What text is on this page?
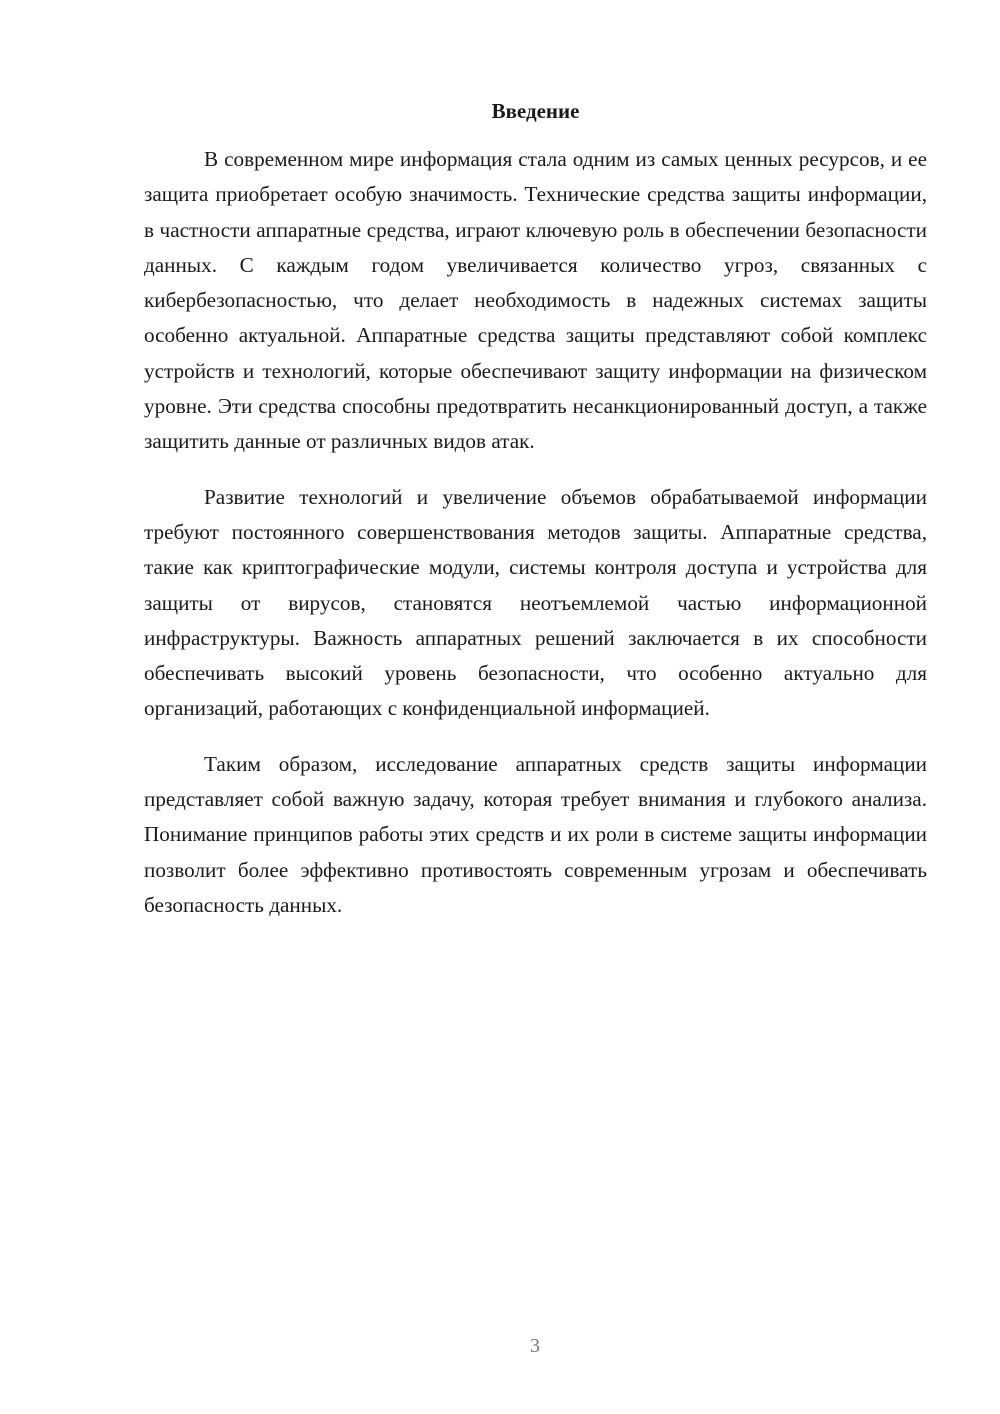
Введение

В современном мире информация стала одним из самых ценных ресурсов, и ее защита приобретает особую значимость. Технические средства защиты информации, в частности аппаратные средства, играют ключевую роль в обеспечении безопасности данных. С каждым годом увеличивается количество угроз, связанных с кибербезопасностью, что делает необходимость в надежных системах защиты особенно актуальной. Аппаратные средства защиты представляют собой комплекс устройств и технологий, которые обеспечивают защиту информации на физическом уровне. Эти средства способны предотвратить несанкционированный доступ, а также защитить данные от различных видов атак.

Развитие технологий и увеличение объемов обрабатываемой информации требуют постоянного совершенствования методов защиты. Аппаратные средства, такие как криптографические модули, системы контроля доступа и устройства для защиты от вирусов, становятся неотъемлемой частью информационной инфраструктуры. Важность аппаратных решений заключается в их способности обеспечивать высокий уровень безопасности, что особенно актуально для организаций, работающих с конфиденциальной информацией.

Таким образом, исследование аппаратных средств защиты информации представляет собой важную задачу, которая требует внимания и глубокого анализа. Понимание принципов работы этих средств и их роли в системе защиты информации позволит более эффективно противостоять современным угрозам и обеспечивать безопасность данных.

3
